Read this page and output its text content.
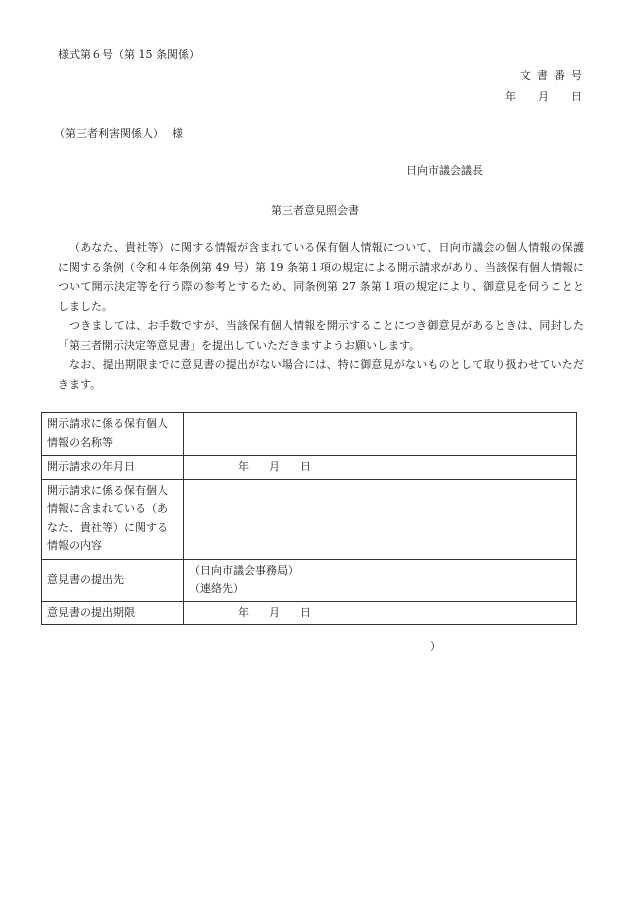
様式第６号（第 15 条関係）
文書番号
年 月 日
（第三者利害関係人） 様
日向市議会議長
第三者意見照会書

（あなた、貴社等）に関する情報が含まれている保有個人情報について、日向市議会の個人情報の保護に関する条例（令和４年条例第 49 号）第 19 条第１項の規定による開示請求があり、当該保有個人情報について開示決定等を行う際の参考とするため、同条例第 27 条第１項の規定により、御意見を伺うこととしました。

つきましては、お手数ですが、当該保有個人情報を開示することにつき御意見があるときは、同封した「第三者開示決定等意見書」を提出していただきますようお願いします。

なお、提出期限までに意見書の提出がない場合には、特に御意見がないものとして取り扱わせていただきます。

開示請求に係る保有個人情報の名称等	
開示請求の年月日	年 月 日
開示請求に係る保有個人情報に含まれている（あなた、貴社等）に関する情報の内容	
意見書の提出先	（日向市議会事務局）
（連絡先）

意見書の提出期限	年 月 日
）
